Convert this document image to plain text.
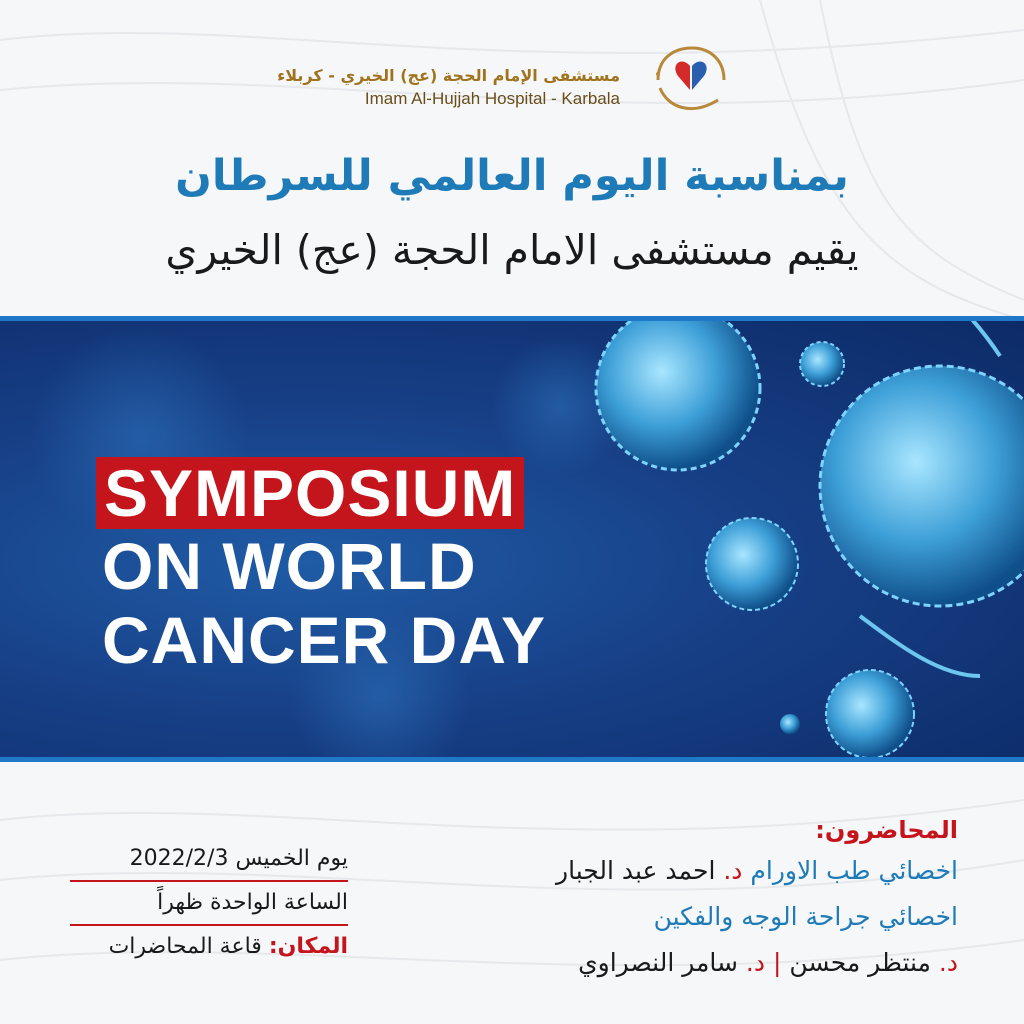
مستشفى الإمام الحجة (عج) الخيري - كربلاء
Imam Al-Hujjah Hospital - Karbala
بمناسبة اليوم العالمي للسرطان
يقيم مستشفى الامام الحجة (عج) الخيري
SYMPOSIUM
ON WORLD
CANCER DAY
يوم الخميس 2022/2/3
الساعة الواحدة ظهراً
المكان: قاعة المحاضرات
المحاضرون:
اخصائي طب الاورام د. احمد عبد الجبار
اخصائي جراحة الوجه والفكين
د. منتظر محسن | د. سامر النصراوي
